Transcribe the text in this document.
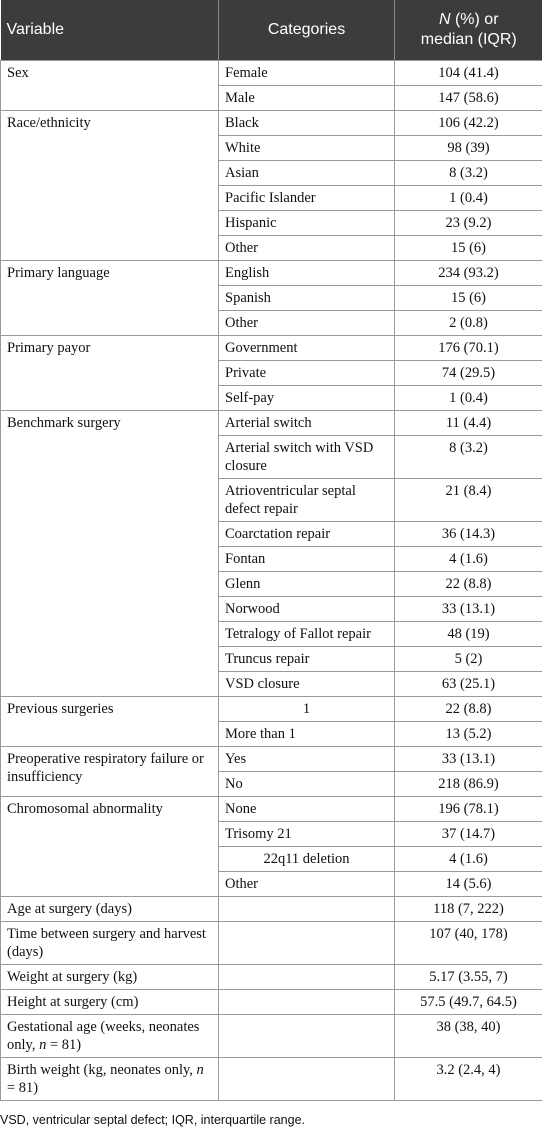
Variable	Categories	N (%) or
median (IQR)
Sex	Female	104 (41.4)
	Male	147 (58.6)
Race/ethnicity	Black	106 (42.2)
	White	98 (39)
	Asian	8 (3.2)
	Pacific Islander	1 (0.4)
	Hispanic	23 (9.2)
	Other	15 (6)
Primary language	English	234 (93.2)
	Spanish	15 (6)
	Other	2 (0.8)
Primary payor	Government	176 (70.1)
	Private	74 (29.5)
	Self-pay	1 (0.4)
Benchmark surgery	Arterial switch	11 (4.4)
	Arterial switch with VSD closure	8 (3.2)
	Atrioventricular septal defect repair	21 (8.4)
	Coarctation repair	36 (14.3)
	Fontan	4 (1.6)
	Glenn	22 (8.8)
	Norwood	33 (13.1)
	Tetralogy of Fallot repair	48 (19)
	Truncus repair	5 (2)
	VSD closure	63 (25.1)
Previous surgeries	1	22 (8.8)
	More than 1	13 (5.2)
Preoperative respiratory failure or insufficiency	Yes	33 (13.1)
	No	218 (86.9)
Chromosomal abnormality	None	196 (78.1)
	Trisomy 21	37 (14.7)
	22q11 deletion	4 (1.6)
	Other	14 (5.6)
Age at surgery (days)		118 (7, 222)
Time between surgery and harvest (days)		107 (40, 178)
Weight at surgery (kg)		5.17 (3.55, 7)
Height at surgery (cm)		57.5 (49.7, 64.5)
Gestational age (weeks, neonates only, n = 81)		38 (38, 40)
Birth weight (kg, neonates only, n = 81)		3.2 (2.4, 4)

VSD, ventricular septal defect; IQR, interquartile range.
